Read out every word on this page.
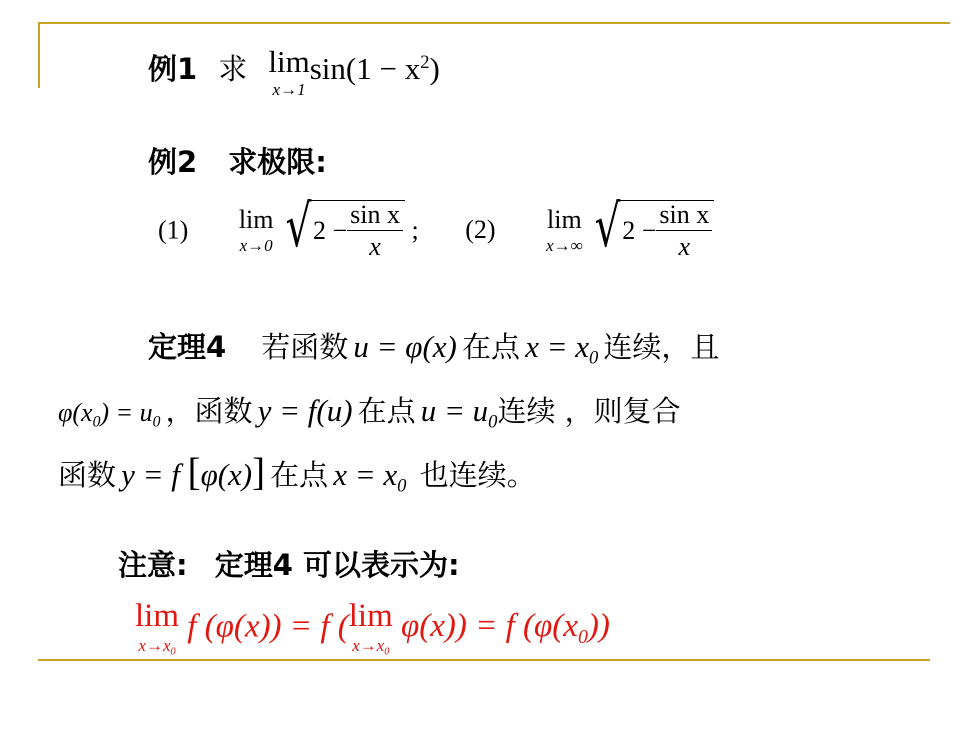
例1 求 lim
x→1
$\sin(1 - x^2)$
例2 求极限:
(1) lim
x→0
√ $2 - \frac{\text{sin x}}{x}$ ; (2) lim
x→∞
√ $2 - \frac{\text{sin x}}{x}$
定理4 若函数 u = φ(x) 在点 $x = x_0$ 连续，且
$\varphi(x_0) = u_0$ ，函数 y = f(u) 在点 $u = u_0$连续 ，则复合
函数 y = f [φ(x)] 在点 $x = x_0$ 也连续。
注意: 定理4 可以表示为:
lim
$x\to x_0$
f (φ(x)) = f ( lim
$x\to x_0$
φ(x)) = f $(\varphi(x_0))$
